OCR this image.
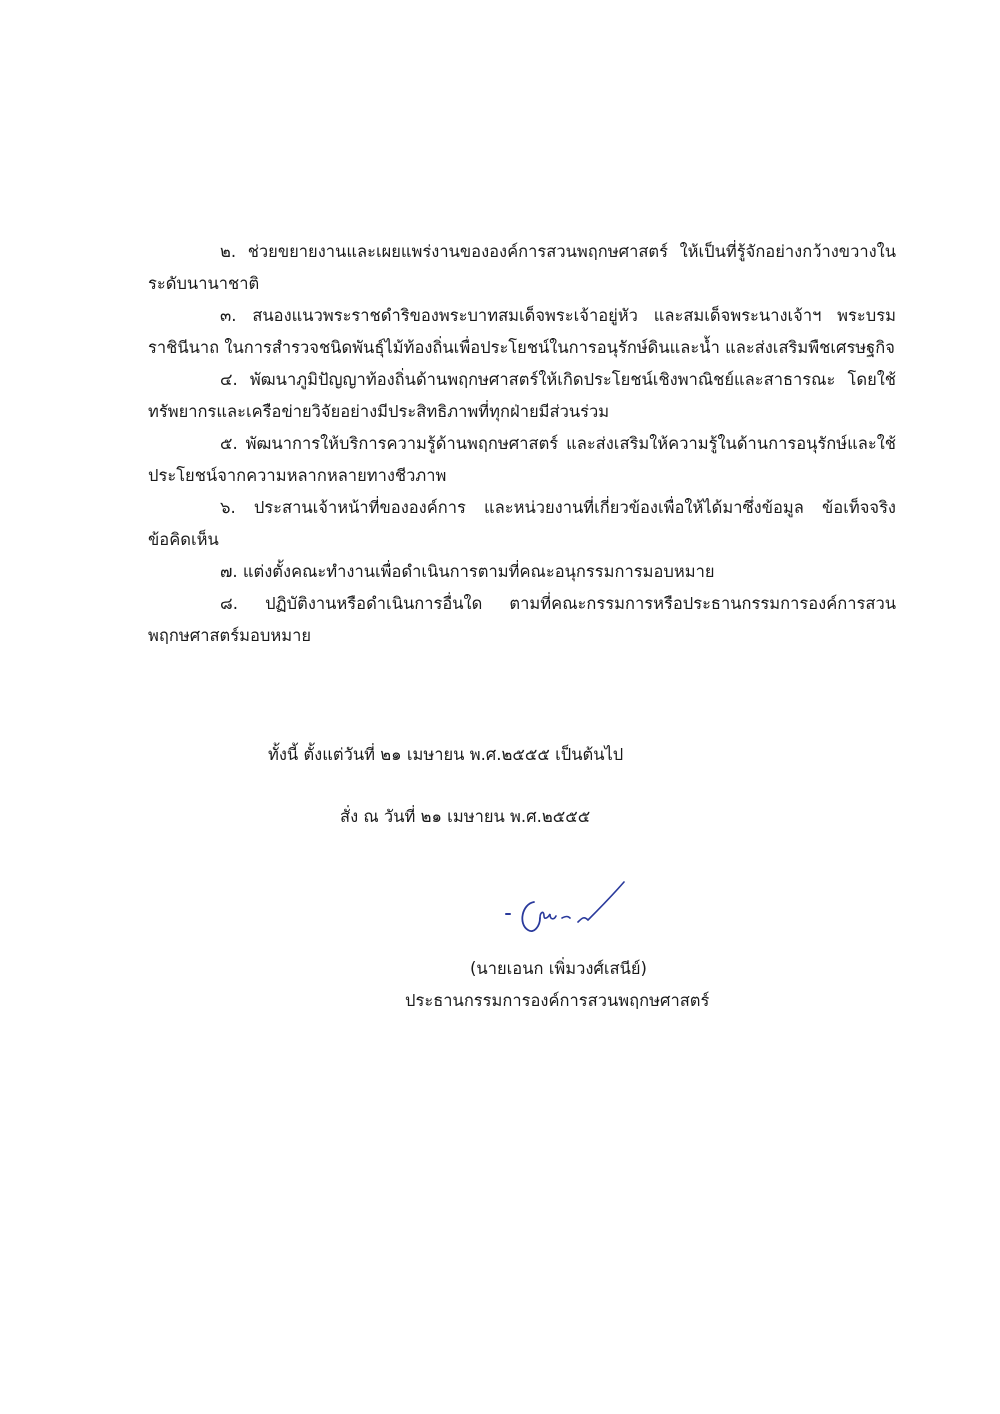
๒. ช่วยขยายงานและเผยแพร่งานขององค์การสวนพฤกษศาสตร์ ให้เป็นที่รู้จักอย่างกว้างขวางในระดับนานาชาติ

๓. สนองแนวพระราชดำริของพระบาทสมเด็จพระเจ้าอยู่หัว และสมเด็จพระนางเจ้าฯ พระบรมราชินีนาถ ในการสำรวจชนิดพันธุ์ไม้ท้องถิ่นเพื่อประโยชน์ในการอนุรักษ์ดินและน้ำ และส่งเสริมพืชเศรษฐกิจ

๔. พัฒนาภูมิปัญญาท้องถิ่นด้านพฤกษศาสตร์ให้เกิดประโยชน์เชิงพาณิชย์และสาธารณะ โดยใช้ทรัพยากรและเครือข่ายวิจัยอย่างมีประสิทธิภาพที่ทุกฝ่ายมีส่วนร่วม

๕. พัฒนาการให้บริการความรู้ด้านพฤกษศาสตร์ และส่งเสริมให้ความรู้ในด้านการอนุรักษ์และใช้ประโยชน์จากความหลากหลายทางชีวภาพ

๖. ประสานเจ้าหน้าที่ขององค์การ และหน่วยงานที่เกี่ยวข้องเพื่อให้ได้มาซึ่งข้อมูล ข้อเท็จจริง ข้อคิดเห็น

๗. แต่งตั้งคณะทำงานเพื่อดำเนินการตามที่คณะอนุกรรมการมอบหมาย

๘. ปฏิบัติงานหรือดำเนินการอื่นใด ตามที่คณะกรรมการหรือประธานกรรมการองค์การสวนพฤกษศาสตร์มอบหมาย

ทั้งนี้ ตั้งแต่วันที่ ๒๑ เมษายน พ.ศ.๒๕๕๕ เป็นต้นไป
สั่ง ณ วันที่ ๒๑ เมษายน พ.ศ.๒๕๕๕
(นายเอนก เพิ่มวงศ์เสนีย์)
ประธานกรรมการองค์การสวนพฤกษศาสตร์
